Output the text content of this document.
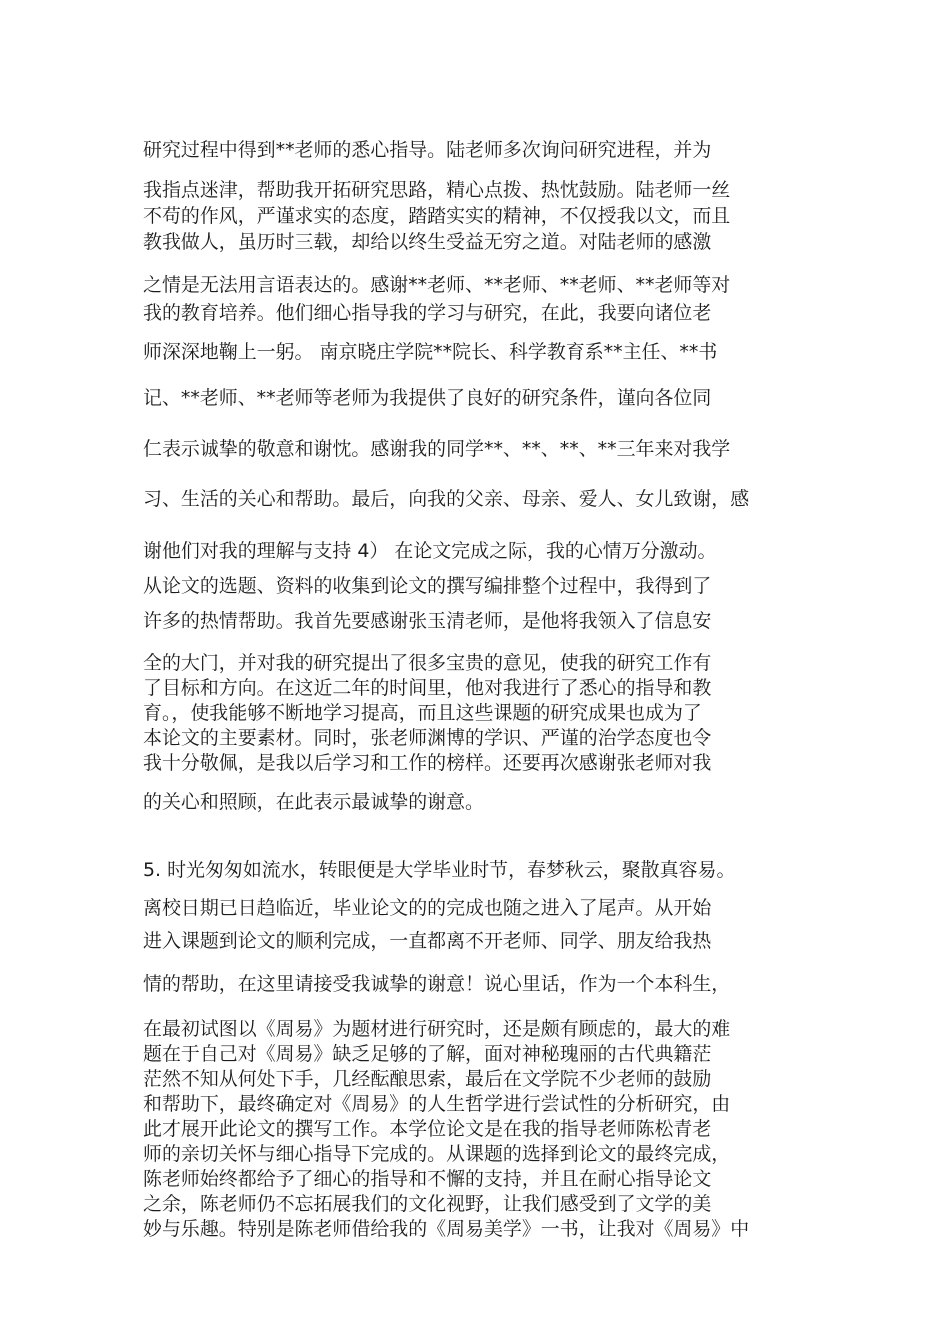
研究过程中得到**老师的悉心指导。陆老师多次询问研究进程，并为
我指点迷津，帮助我开拓研究思路，精心点拨、热忱鼓励。陆老师一丝
不苟的作风，严谨求实的态度，踏踏实实的精神，不仅授我以文，而且
教我做人，虽历时三载，却给以终生受益无穷之道。对陆老师的感激
之情是无法用言语表达的。感谢**老师、**老师、**老师、**老师等对
我的教育培养。他们细心指导我的学习与研究，在此，我要向诸位老
师深深地鞠上一躬。 南京晓庄学院**院长、科学教育系**主任、**书
记、**老师、**老师等老师为我提供了良好的研究条件，谨向各位同
仁表示诚挚的敬意和谢忱。感谢我的同学**、**、**、**三年来对我学
习、生活的关心和帮助。最后，向我的父亲、母亲、爱人、女儿致谢，感
谢他们对我的理解与支持 4） 在论文完成之际，我的心情万分激动。
从论文的选题、资料的收集到论文的撰写编排整个过程中，我得到了
许多的热情帮助。我首先要感谢张玉清老师，是他将我领入了信息安
全的大门，并对我的研究提出了很多宝贵的意见，使我的研究工作有
了目标和方向。在这近二年的时间里，他对我进行了悉心的指导和教
育。，使我能够不断地学习提高，而且这些课题的研究成果也成为了
本论文的主要素材。同时，张老师渊博的学识、严谨的治学态度也令
我十分敬佩，是我以后学习和工作的榜样。还要再次感谢张老师对我
的关心和照顾，在此表示最诚挚的谢意。
5. 时光匆匆如流水，转眼便是大学毕业时节，春梦秋云，聚散真容易。
离校日期已日趋临近，毕业论文的的完成也随之进入了尾声。从开始
进入课题到论文的顺利完成，一直都离不开老师、同学、朋友给我热
情的帮助，在这里请接受我诚挚的谢意！说心里话，作为一个本科生，
在最初试图以《周易》为题材进行研究时，还是颇有顾虑的，最大的难
题在于自己对《周易》缺乏足够的了解，面对神秘瑰丽的古代典籍茫
茫然不知从何处下手，几经酝酿思索，最后在文学院不少老师的鼓励
和帮助下，最终确定对《周易》的人生哲学进行尝试性的分析研究，由
此才展开此论文的撰写工作。本学位论文是在我的指导老师陈松青老
师的亲切关怀与细心指导下完成的。从课题的选择到论文的最终完成，
陈老师始终都给予了细心的指导和不懈的支持，并且在耐心指导论文
之余，陈老师仍不忘拓展我们的文化视野，让我们感受到了文学的美
妙与乐趣。特别是陈老师借给我的《周易美学》一书，让我对《周易》中
